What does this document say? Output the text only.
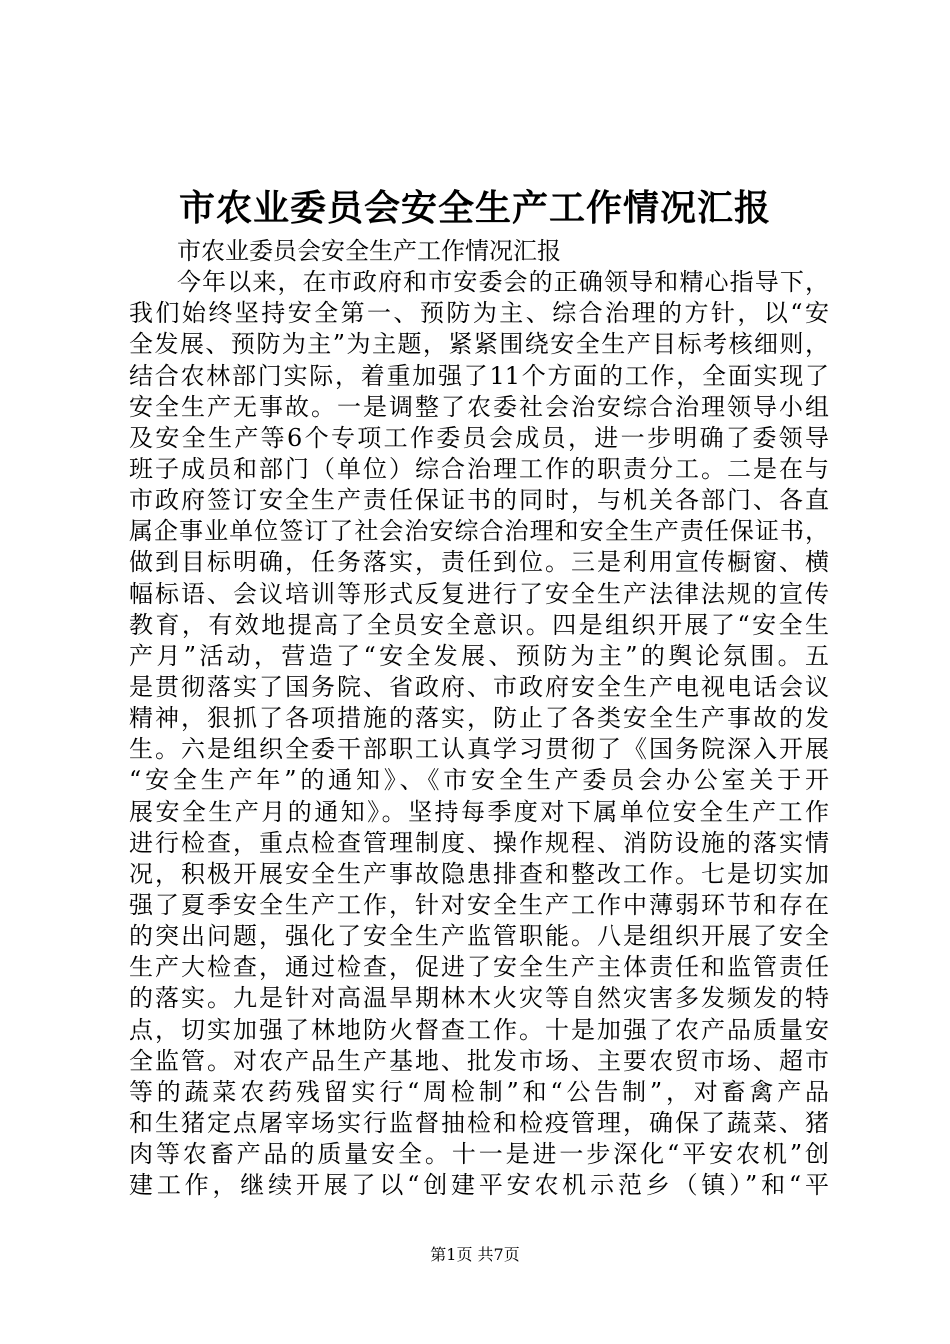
市农业委员会安全生产工作情况汇报
市农业委员会安全生产工作情况汇报
今年以来，在市政府和市安委会的正确领导和精心指导下，
我们始终坚持安全第一、预防为主、综合治理的方针，以“安
全发展、预防为主”为主题，紧紧围绕安全生产目标考核细则，
结合农林部门实际，着重加强了11个方面的工作，全面实现了
安全生产无事故。一是调整了农委社会治安综合治理领导小组
及安全生产等6个专项工作委员会成员，进一步明确了委领导
班子成员和部门（单位）综合治理工作的职责分工。二是在与
市政府签订安全生产责任保证书的同时，与机关各部门、各直
属企事业单位签订了社会治安综合治理和安全生产责任保证书，
做到目标明确，任务落实，责任到位。三是利用宣传橱窗、横
幅标语、会议培训等形式反复进行了安全生产法律法规的宣传
教育，有效地提高了全员安全意识。四是组织开展了“安全生
产月”活动，营造了“安全发展、预防为主”的舆论氛围。五
是贯彻落实了国务院、省政府、市政府安全生产电视电话会议
精神，狠抓了各项措施的落实，防止了各类安全生产事故的发
生。六是组织全委干部职工认真学习贯彻了《国务院深入开展
“安全生产年”的通知》、《市安全生产委员会办公室关于开
展安全生产月的通知》。坚持每季度对下属单位安全生产工作
进行检查，重点检查管理制度、操作规程、消防设施的落实情
况，积极开展安全生产事故隐患排查和整改工作。七是切实加
强了夏季安全生产工作，针对安全生产工作中薄弱环节和存在
的突出问题，强化了安全生产监管职能。八是组织开展了安全
生产大检查，通过检查，促进了安全生产主体责任和监管责任
的落实。九是针对高温旱期林木火灾等自然灾害多发频发的特
点，切实加强了林地防火督查工作。十是加强了农产品质量安
全监管。对农产品生产基地、批发市场、主要农贸市场、超市
等的蔬菜农药残留实行“周检制”和“公告制”，对畜禽产品
和生猪定点屠宰场实行监督抽检和检疫管理，确保了蔬菜、猪
肉等农畜产品的质量安全。十一是进一步深化“平安农机”创
建工作，继续开展了以“创建平安农机示范乡（镇）”和“平
第1页 共7页
